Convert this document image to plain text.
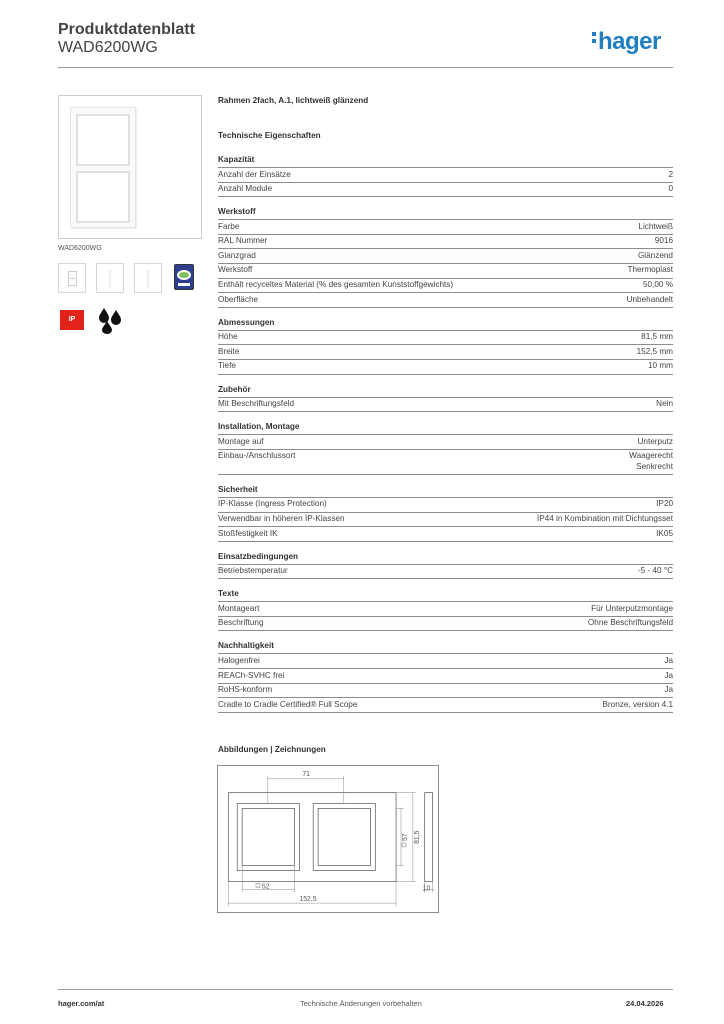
Produktdatenblatt
WAD6200WG	hager
WAD6200WG
IP
Rahmen 2fach, A.1, lichtweiß glänzend
Technische Eigenschaften
Kapazität
Anzahl der Einsätze	2
Anzahl Module	0
Werkstoff
Farbe	Lichtweiß
RAL Nummer	9016
Glanzgrad	Glänzend
Werkstoff	Thermoplast
Enthält recyceltes Material (% des gesamten Kunststoffgewichts)	50,00 %
Oberfläche	Unbehandelt
Abmessungen
Höhe	81,5 mm
Breite	152,5 mm
Tiefe	10 mm
Zubehör
Mit Beschriftungsfeld	Nein
Installation, Montage
Montage auf	Unterputz
Einbau-/Anschlussort	Waagerecht
Senkrecht
Sicherheit
IP-Klasse (Ingress Protection)	IP20
Verwendbar in höheren IP-Klassen	IP44 in Kombination mit Dichtungsset
Stoßfestigkeit IK	IK05
Einsatzbedingungen
Betriebstemperatur	-5 - 40 °C
Texte
Montageart	Für Unterputzmontage
Beschriftung	Ohne Beschriftungsfeld
Nachhaltigkeit
Halogenfrei	Ja
REACh-SVHC frei	Ja
RoHS-konform	Ja
Cradle to Cradle Certified® Full Scope	Bronze, version 4.1
Abbildungen | Zeichnungen
71
52
152,5
10
57 81,5
hager.com/at	Technische Änderungen vorbehalten	24.04.2026
